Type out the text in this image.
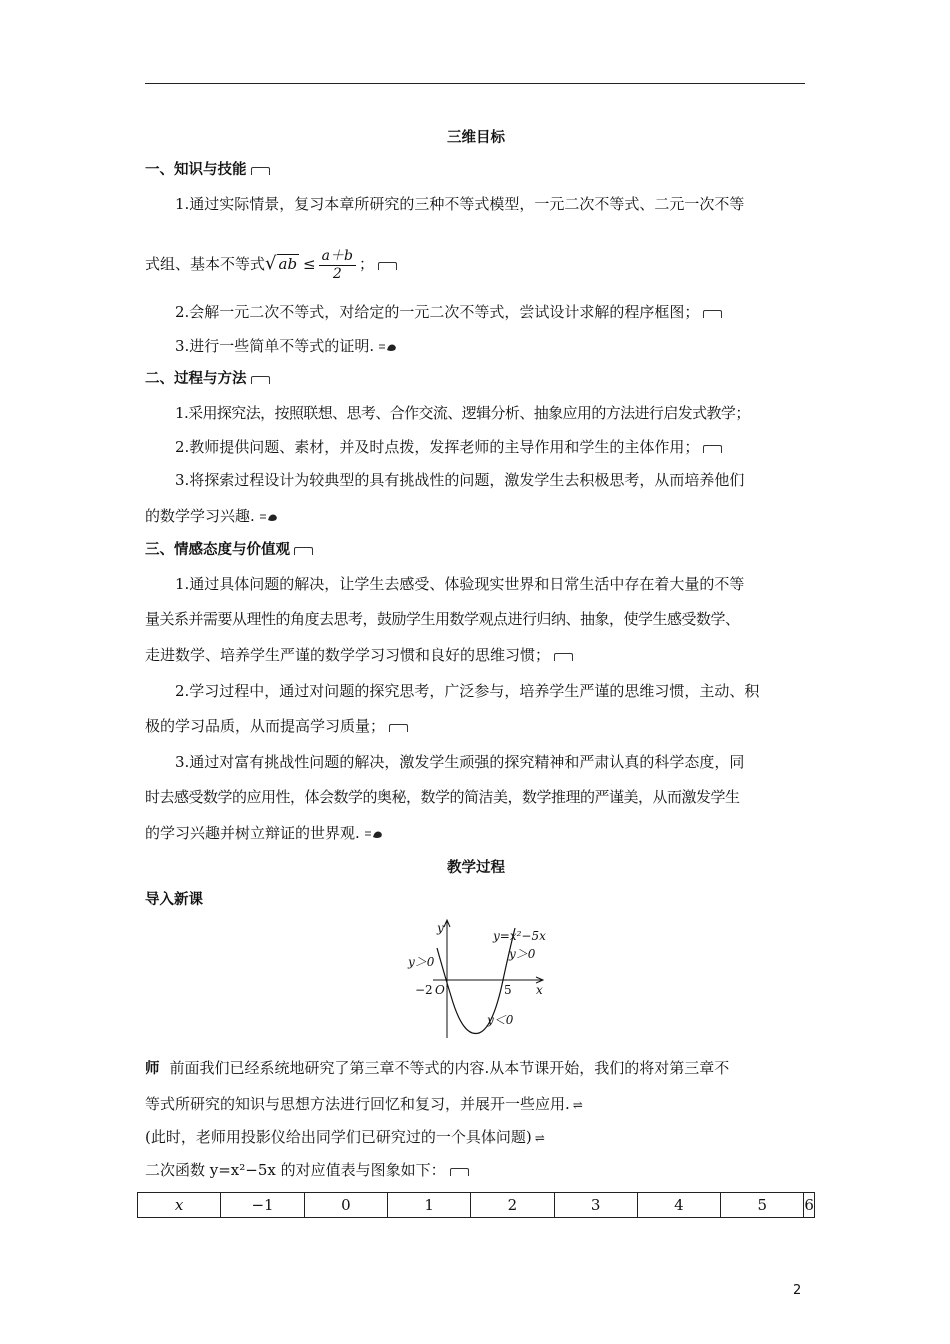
三维目标
一、知识与技能
1.通过实际情景，复习本章所研究的三种不等式模型，一元二次不等式、二元一次不等
式组、基本不等式√ ab ≤ $\frac{a+b}{2}$ ；
2.会解一元二次不等式，对给定的一元二次不等式，尝试设计求解的程序框图；
3.进行一些简单不等式的证明.
二、过程与方法
1.采用探究法，按照联想、思考、合作交流、逻辑分析、抽象应用的方法进行启发式教学；
2.教师提供问题、素材，并及时点拨，发挥老师的主导作用和学生的主体作用；
3.将探索过程设计为较典型的具有挑战性的问题，激发学生去积极思考，从而培养他们
的数学学习兴趣.
三、情感态度与价值观
1.通过具体问题的解决，让学生去感受、体验现实世界和日常生活中存在着大量的不等
量关系并需要从理性的角度去思考，鼓励学生用数学观点进行归纳、抽象，使学生感受数学、
走进数学、培养学生严谨的数学学习习惯和良好的思维习惯；
2.学习过程中，通过对问题的探究思考，广泛参与，培养学生严谨的思维习惯，主动、积
极的学习品质，从而提高学习质量；
3.通过对富有挑战性问题的解决，激发学生顽强的探究精神和严肃认真的科学态度，同
时去感受数学的应用性，体会数学的奥秘，数学的简洁美，数学推理的严谨美，从而激发学生
的学习兴趣并树立辩证的世界观.
教学过程
导入新课
y
x
y=x²−5x
y＞0
y＞0
y＜0
−2 O	5
师 前面我们已经系统地研究了第三章不等式的内容.从本节课开始，我们的将对第三章不
等式所研究的知识与思想方法进行回忆和复习，并展开一些应用. ⇌
(此时，老师用投影仪给出同学们已研究过的一个具体问题) ⇌
二次函数 y=x²−5x 的对应值表与图象如下：
x	−1	0	1	2	3	4	5	6
2
